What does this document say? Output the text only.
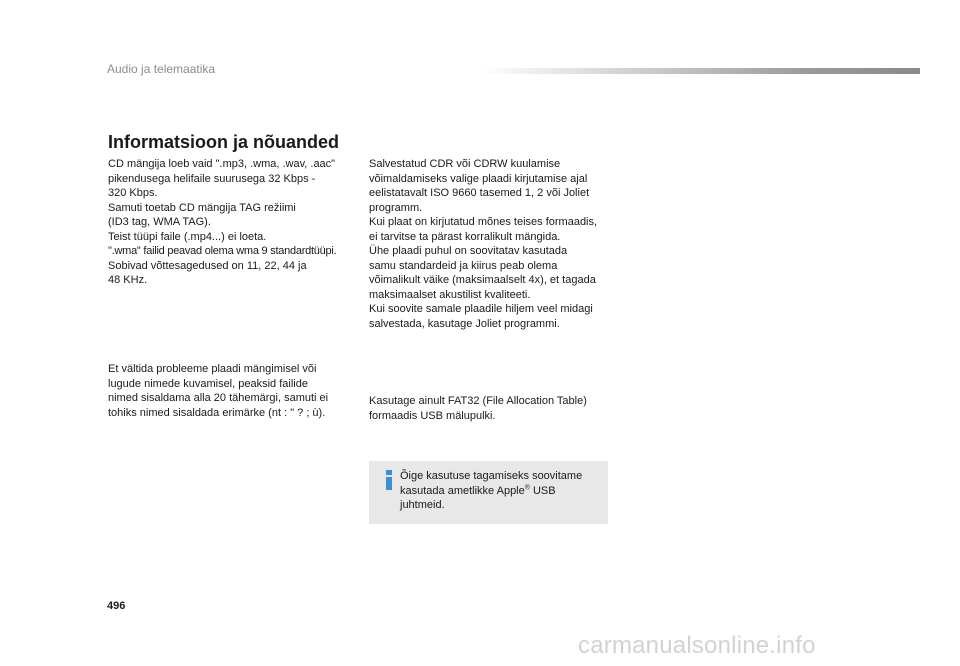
Audio ja telemaatika
Informatsioon ja nõuanded

CD mängija loeb vaid ".mp3, .wma, .wav, .aac"

pikendusega helifaile suurusega 32 Kbps -

320 Kbps.

Samuti toetab CD mängija TAG režiimi

(ID3 tag, WMA TAG).

Teist tüüpi faile (.mp4...) ei loeta.

".wma" failid peavad olema wma 9 standardtüüpi.

Sobivad võttesagedused on 11, 22, 44 ja

48 KHz.

Et vältida probleeme plaadi mängimisel või

lugude nimede kuvamisel, peaksid failide

nimed sisaldama alla 20 tähemärgi, samuti ei

tohiks nimed sisaldada erimärke (nt : " ? ; ù).

Salvestatud CDR või CDRW kuulamise

võimaldamiseks valige plaadi kirjutamise ajal

eelistatavalt ISO 9660 tasemed 1, 2 või Joliet

programm.

Kui plaat on kirjutatud mõnes teises formaadis,

ei tarvitse ta pärast korralikult mängida.

Ühe plaadi puhul on soovitatav kasutada

samu standardeid ja kiirus peab olema

võimalikult väike (maksimaalselt 4x), et tagada

maksimaalset akustilist kvaliteeti.

Kui soovite samale plaadile hiljem veel midagi

salvestada, kasutage Joliet programmi.

Kasutage ainult FAT32 (File Allocation Table)

formaadis USB mälupulki.

Õige kasutuse tagamiseks soovitame
kasutada ametlikke Apple® USB
juhtmeid.
496
carmanualsonline.info
